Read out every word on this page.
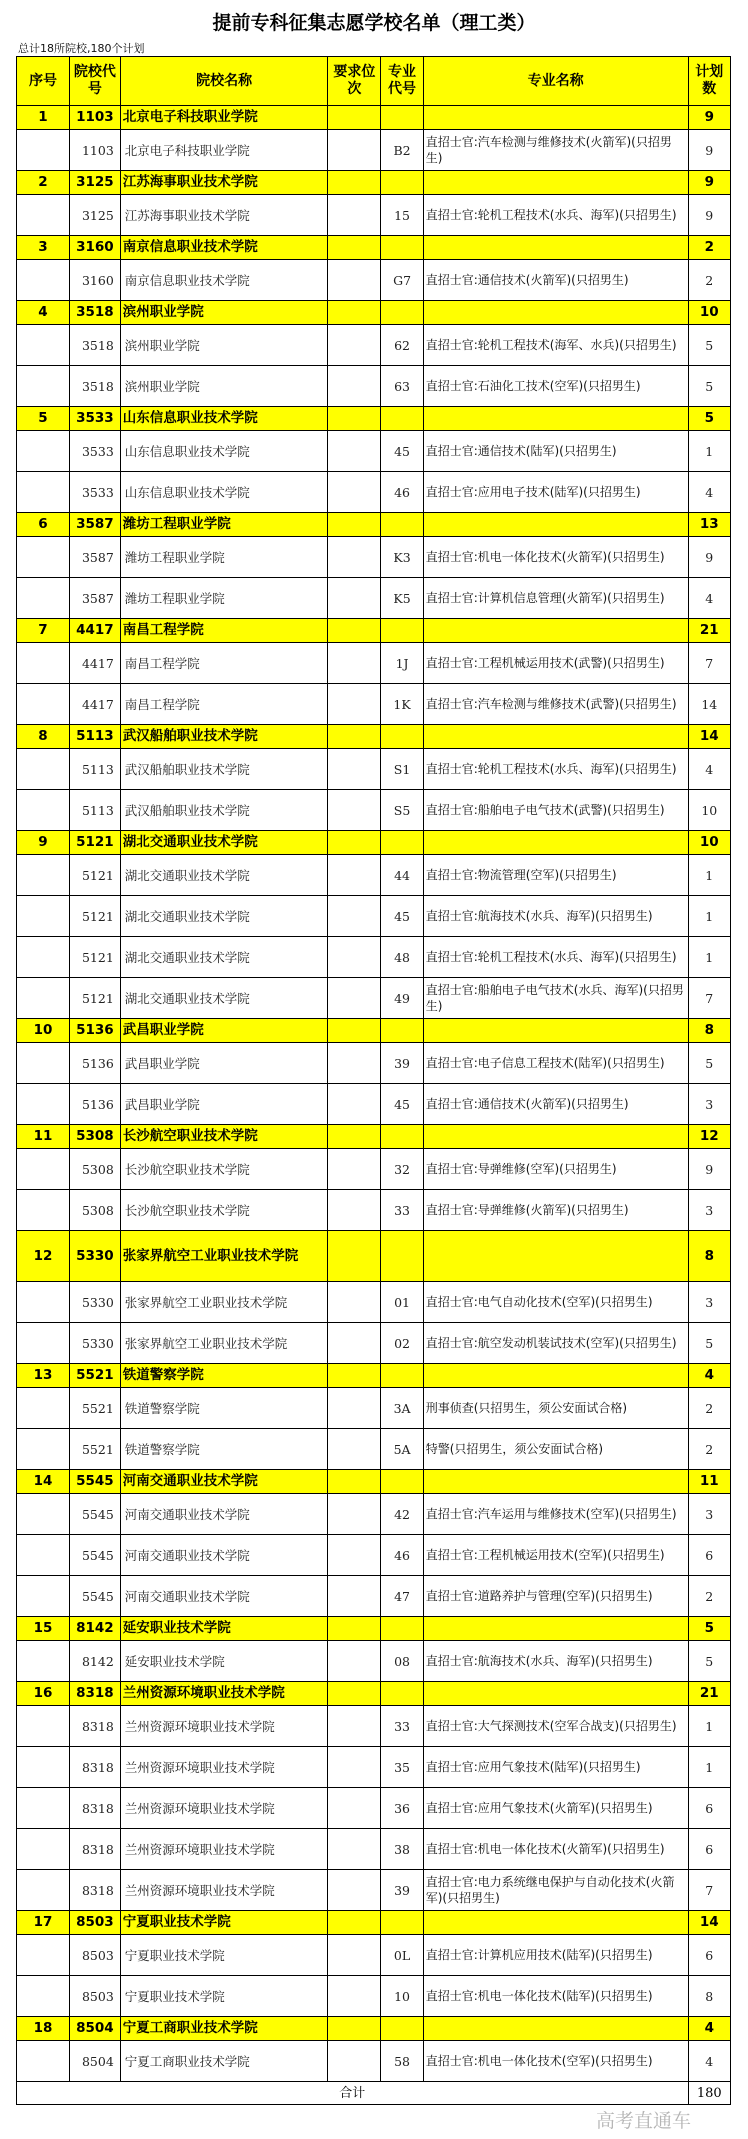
提前专科征集志愿学校名单（理工类）
总计18所院校,180个计划
序号	院校代号	院校名称	要求位次	专业代号	专业名称	计划数
1	1103	北京电子科技职业学院				9
	1103	北京电子科技职业学院		B2	直招士官:汽车检测与维修技术(火箭军)(只招男生)	9
2	3125	江苏海事职业技术学院				9
	3125	江苏海事职业技术学院		15	直招士官:轮机工程技术(水兵、海军)(只招男生)	9
3	3160	南京信息职业技术学院				2
	3160	南京信息职业技术学院		G7	直招士官:通信技术(火箭军)(只招男生)	2
4	3518	滨州职业学院				10
	3518	滨州职业学院		62	直招士官:轮机工程技术(海军、水兵)(只招男生)	5
	3518	滨州职业学院		63	直招士官:石油化工技术(空军)(只招男生)	5
5	3533	山东信息职业技术学院				5
	3533	山东信息职业技术学院		45	直招士官:通信技术(陆军)(只招男生)	1
	3533	山东信息职业技术学院		46	直招士官:应用电子技术(陆军)(只招男生)	4
6	3587	潍坊工程职业学院				13
	3587	潍坊工程职业学院		K3	直招士官:机电一体化技术(火箭军)(只招男生)	9
	3587	潍坊工程职业学院		K5	直招士官:计算机信息管理(火箭军)(只招男生)	4
7	4417	南昌工程学院				21
	4417	南昌工程学院		1J	直招士官:工程机械运用技术(武警)(只招男生)	7
	4417	南昌工程学院		1K	直招士官:汽车检测与维修技术(武警)(只招男生)	14
8	5113	武汉船舶职业技术学院				14
	5113	武汉船舶职业技术学院		S1	直招士官:轮机工程技术(水兵、海军)(只招男生)	4
	5113	武汉船舶职业技术学院		S5	直招士官:船舶电子电气技术(武警)(只招男生)	10
9	5121	湖北交通职业技术学院				10
	5121	湖北交通职业技术学院		44	直招士官:物流管理(空军)(只招男生)	1
	5121	湖北交通职业技术学院		45	直招士官:航海技术(水兵、海军)(只招男生)	1
	5121	湖北交通职业技术学院		48	直招士官:轮机工程技术(水兵、海军)(只招男生)	1
	5121	湖北交通职业技术学院		49	直招士官:船舶电子电气技术(水兵、海军)(只招男生)	7
10	5136	武昌职业学院				8
	5136	武昌职业学院		39	直招士官:电子信息工程技术(陆军)(只招男生)	5
	5136	武昌职业学院		45	直招士官:通信技术(火箭军)(只招男生)	3
11	5308	长沙航空职业技术学院				12
	5308	长沙航空职业技术学院		32	直招士官:导弹维修(空军)(只招男生)	9
	5308	长沙航空职业技术学院		33	直招士官:导弹维修(火箭军)(只招男生)	3
12	5330	张家界航空工业职业技术学院				8
	5330	张家界航空工业职业技术学院		01	直招士官:电气自动化技术(空军)(只招男生)	3
	5330	张家界航空工业职业技术学院		02	直招士官:航空发动机装试技术(空军)(只招男生)	5
13	5521	铁道警察学院				4
	5521	铁道警察学院		3A	刑事侦查(只招男生，须公安面试合格)	2
	5521	铁道警察学院		5A	特警(只招男生，须公安面试合格)	2
14	5545	河南交通职业技术学院				11
	5545	河南交通职业技术学院		42	直招士官:汽车运用与维修技术(空军)(只招男生)	3
	5545	河南交通职业技术学院		46	直招士官:工程机械运用技术(空军)(只招男生)	6
	5545	河南交通职业技术学院		47	直招士官:道路养护与管理(空军)(只招男生)	2
15	8142	延安职业技术学院				5
	8142	延安职业技术学院		08	直招士官:航海技术(水兵、海军)(只招男生)	5
16	8318	兰州资源环境职业技术学院				21
	8318	兰州资源环境职业技术学院		33	直招士官:大气探测技术(空军合战支)(只招男生)	1
	8318	兰州资源环境职业技术学院		35	直招士官:应用气象技术(陆军)(只招男生)	1
	8318	兰州资源环境职业技术学院		36	直招士官:应用气象技术(火箭军)(只招男生)	6
	8318	兰州资源环境职业技术学院		38	直招士官:机电一体化技术(火箭军)(只招男生)	6
	8318	兰州资源环境职业技术学院		39	直招士官:电力系统继电保护与自动化技术(火箭军)(只招男生)	7
17	8503	宁夏职业技术学院				14
	8503	宁夏职业技术学院		0L	直招士官:计算机应用技术(陆军)(只招男生)	6
	8503	宁夏职业技术学院		10	直招士官:机电一体化技术(陆军)(只招男生)	8
18	8504	宁夏工商职业技术学院				4
	8504	宁夏工商职业技术学院		58	直招士官:机电一体化技术(空军)(只招男生)	4
合计						180
高考直通车
